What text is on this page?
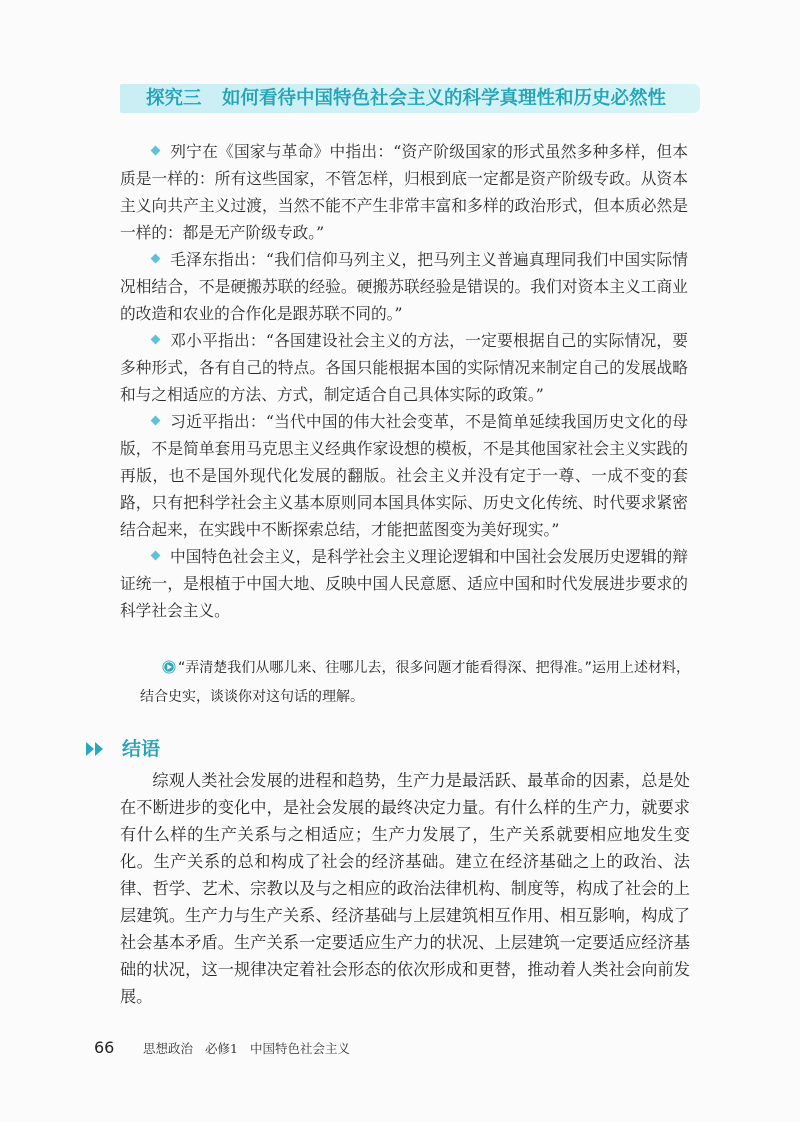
探究三 如何看待中国特色社会主义的科学真理性和历史必然性

列宁在《国家与革命》中指出：“资产阶级国家的形式虽然多种多样，但本质是一样的：所有这些国家，不管怎样，归根到底一定都是资产阶级专政。从资本主义向共产主义过渡，当然不能不产生非常丰富和多样的政治形式，但本质必然是一样的：都是无产阶级专政。”

毛泽东指出：“我们信仰马列主义，把马列主义普遍真理同我们中国实际情况相结合，不是硬搬苏联的经验。硬搬苏联经验是错误的。我们对资本主义工商业的改造和农业的合作化是跟苏联不同的。”

邓小平指出：“各国建设社会主义的方法，一定要根据自己的实际情况，要多种形式，各有自己的特点。各国只能根据本国的实际情况来制定自己的发展战略和与之相适应的方法、方式，制定适合自己具体实际的政策。”

习近平指出：“当代中国的伟大社会变革，不是简单延续我国历史文化的母版，不是简单套用马克思主义经典作家设想的模板，不是其他国家社会主义实践的再版，也不是国外现代化发展的翻版。社会主义并没有定于一尊、一成不变的套路，只有把科学社会主义基本原则同本国具体实际、历史文化传统、时代要求紧密结合起来，在实践中不断探索总结，才能把蓝图变为美好现实。”

中国特色社会主义，是科学社会主义理论逻辑和中国社会发展历史逻辑的辩证统一，是根植于中国大地、反映中国人民意愿、适应中国和时代发展进步要求的科学社会主义。

“弄清楚我们从哪儿来、往哪儿去，很多问题才能看得深、把得准。”运用上述材料，结合史实，谈谈你对这句话的理解。
结语

综观人类社会发展的进程和趋势，生产力是最活跃、最革命的因素，总是处在不断进步的变化中，是社会发展的最终决定力量。有什么样的生产力，就要求有什么样的生产关系与之相适应；生产力发展了，生产关系就要相应地发生变化。生产关系的总和构成了社会的经济基础。建立在经济基础之上的政治、法律、哲学、艺术、宗教以及与之相应的政治法律机构、制度等，构成了社会的上层建筑。生产力与生产关系、经济基础与上层建筑相互作用、相互影响，构成了社会基本矛盾。生产关系一定要适应生产力的状况、上层建筑一定要适应经济基础的状况，这一规律决定着社会形态的依次形成和更替，推动着人类社会向前发展。

66 思想政治 必修1 中国特色社会主义
